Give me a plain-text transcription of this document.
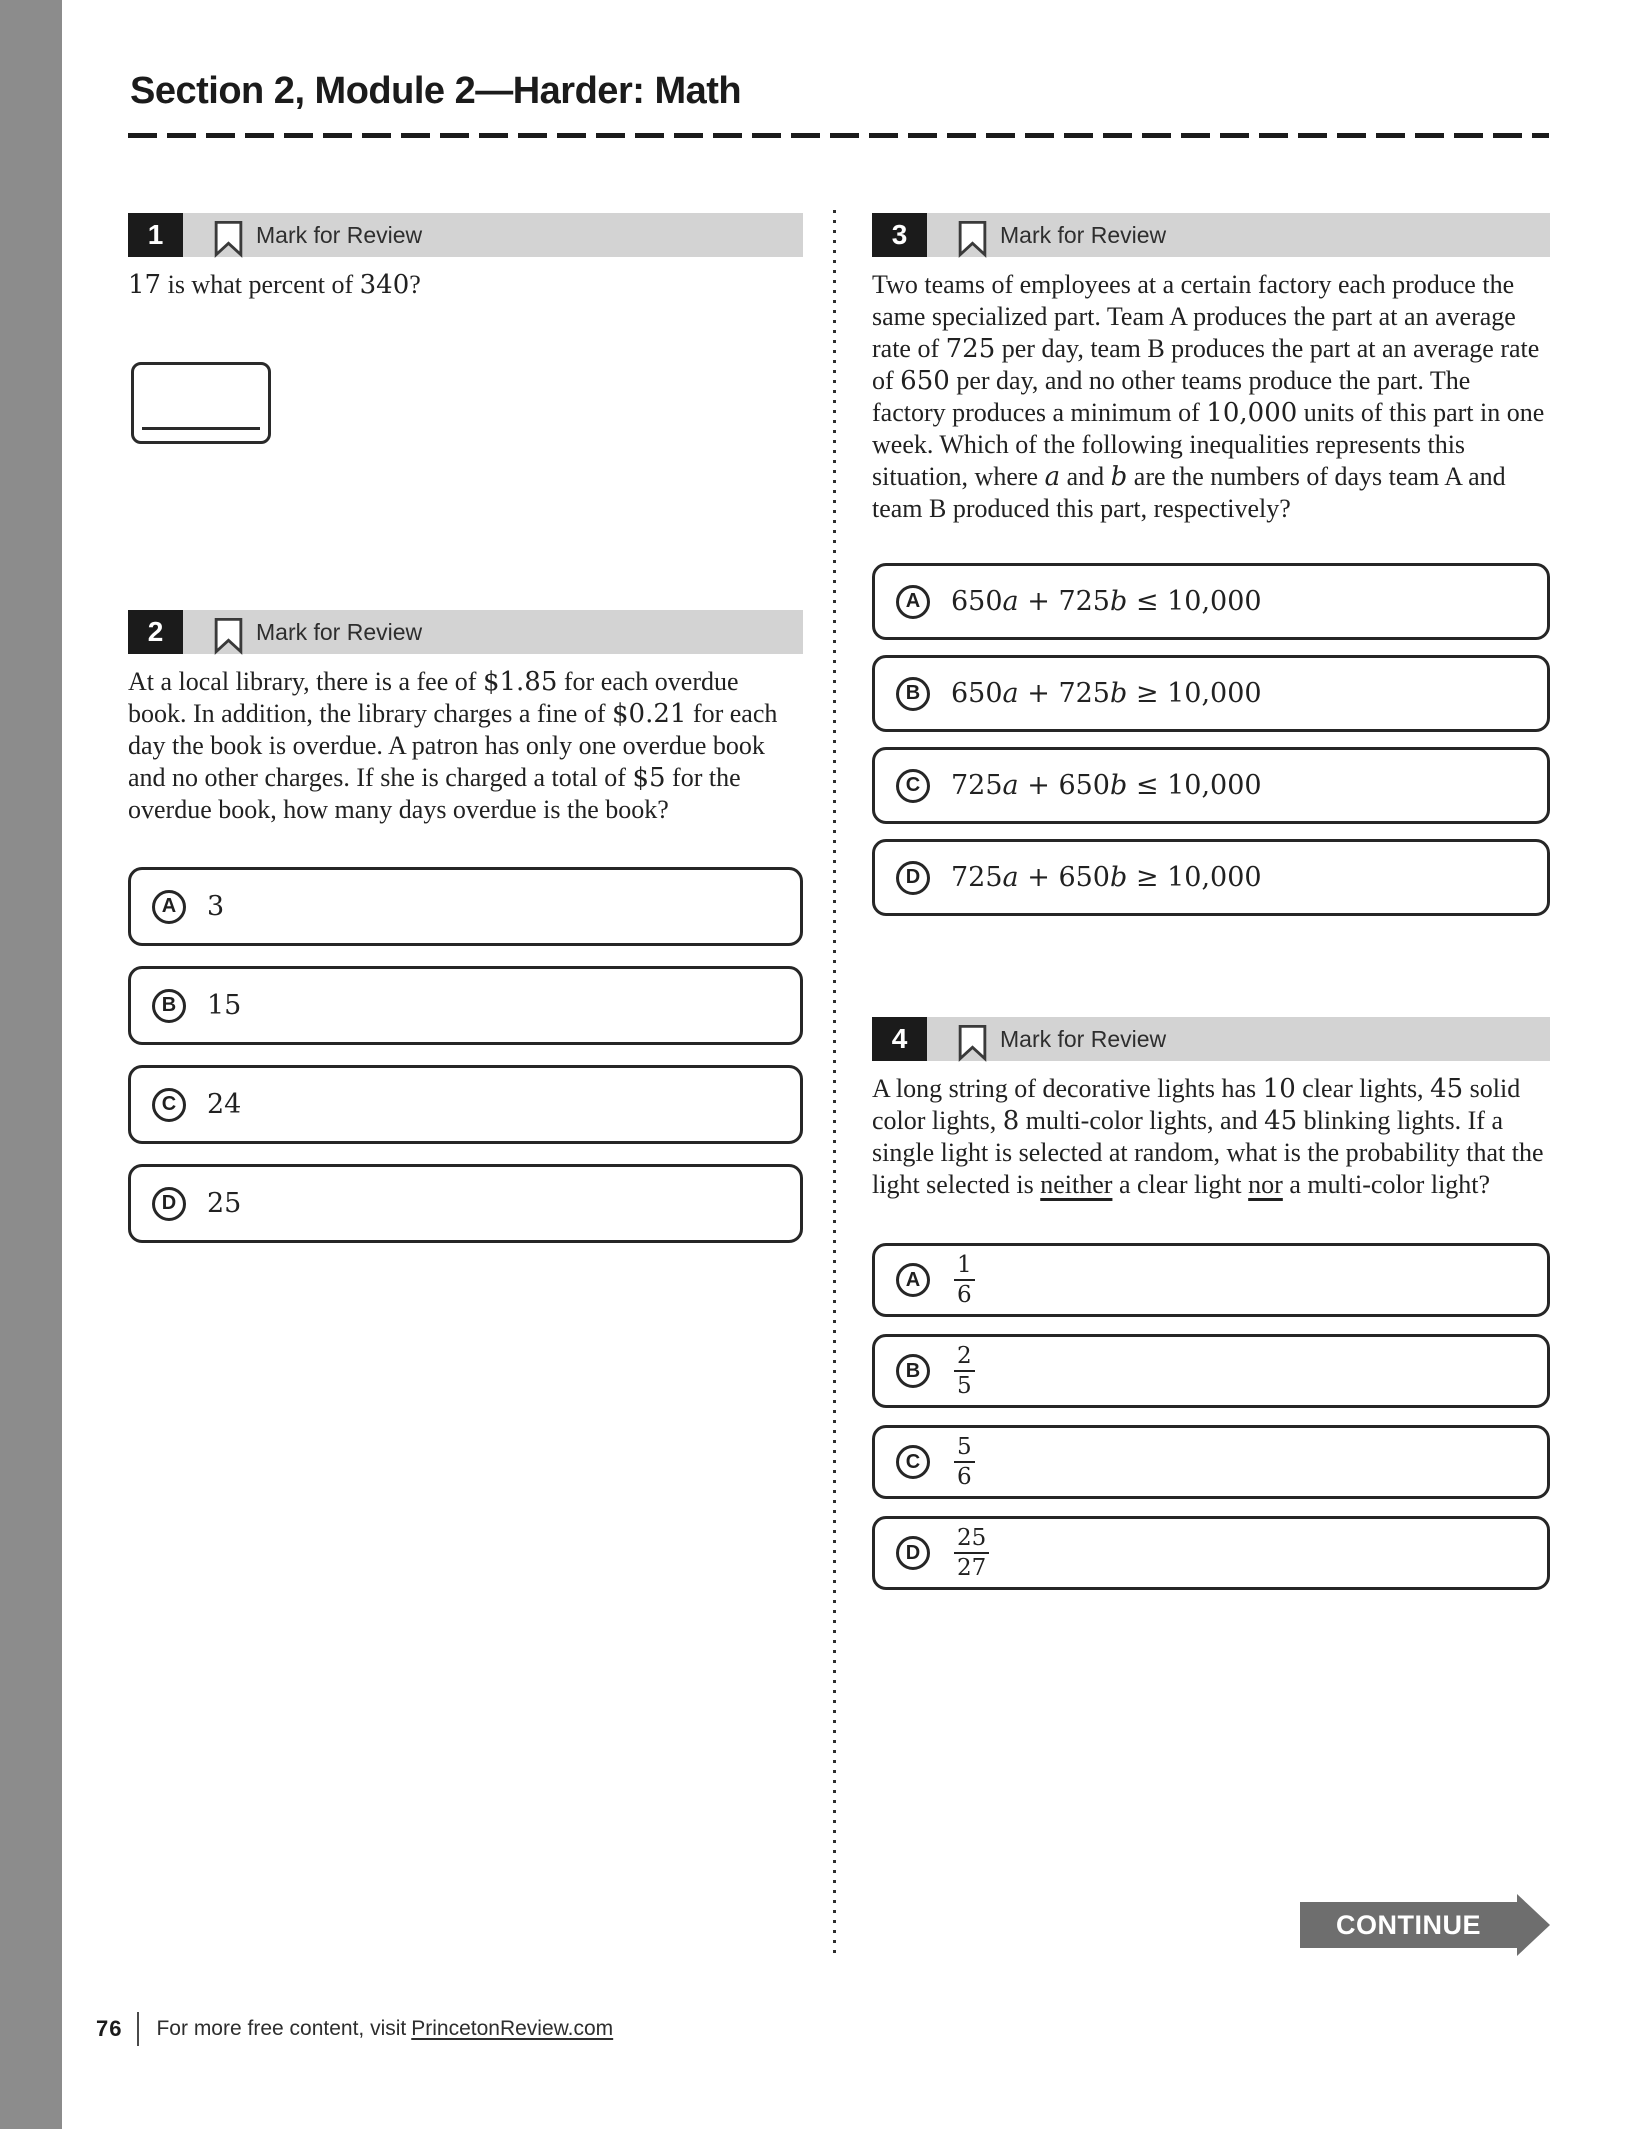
Section 2, Module 2—Harder: Math
1	Mark for Review

17 is what percent of 340?

2	Mark for Review

At a local library, there is a fee of $1.85 for each overdue book. In addition, the library charges a fine of $0.21 for each day the book is overdue. A patron has only one overdue book and no other charges. If she is charged a total of $5 for the overdue book, how many days overdue is the book?

A	3
B	15
C	24
D	25
3	Mark for Review

Two teams of employees at a certain factory each produce the same specialized part. Team A produces the part at an average rate of 725 per day, team B produces the part at an average rate of 650 per day, and no other teams produce the part. The factory produces a minimum of 10,000 units of this part in one week. Which of the following inequalities represents this situation, where a and b are the numbers of days team A and team B produced this part, respectively?

A	650a + 725b ≤ 10,000
B	650a + 725b ≥ 10,000
C	725a + 650b ≤ 10,000
D	725a + 650b ≥ 10,000
4	Mark for Review

A long string of decorative lights has 10 clear lights, 45 solid color lights, 8 multi-color lights, and 45 blinking lights. If a single light is selected at random, what is the probability that the light selected is neither a clear light nor a multi-color light?

A	$\frac{1}{6}$
B	$\frac{2}{5}$
C	$\frac{5}{6}$
D	$\frac{25}{27}$
CONTINUE
76 For more free content, visit PrincetonReview.com
